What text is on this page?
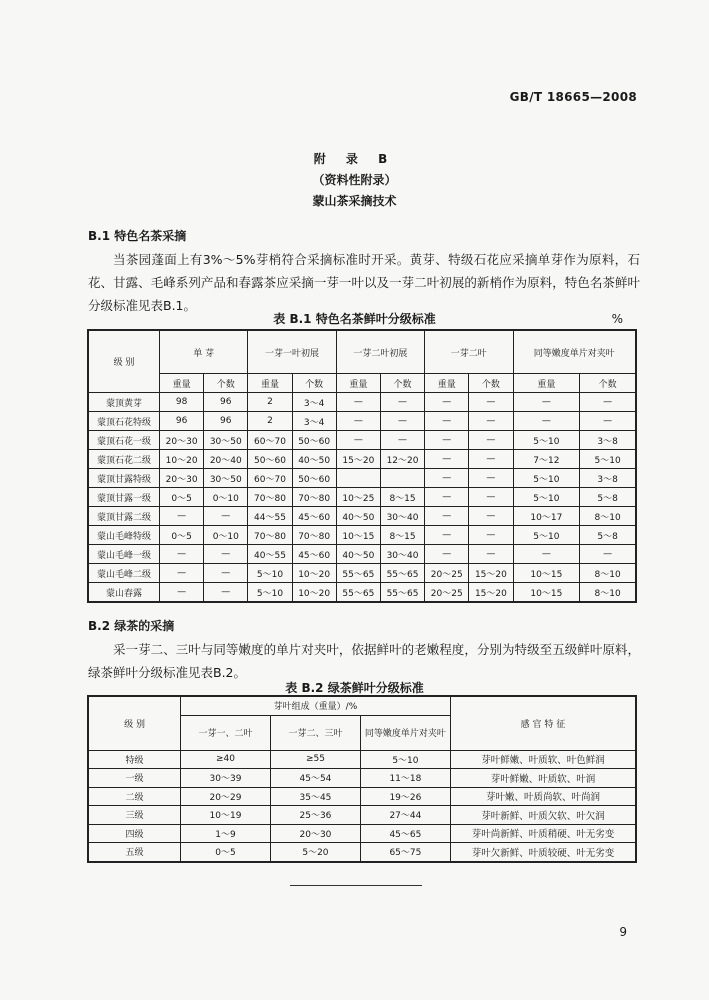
GB/T 18665—2008
附 录 B
（资料性附录）
蒙山茶采摘技术
B.1 特色名茶采摘
当茶园蓬面上有3%～5%芽梢符合采摘标准时开采。黄芽、特级石花应采摘单芽作为原料，石花、甘露、毛峰系列产品和春露茶应采摘一芽一叶以及一芽二叶初展的新梢作为原料，特色名茶鲜叶分级标准见表B.1。
表 B.1 特色名茶鲜叶分级标准	%
级 别	单 芽		一芽一叶初展		一芽二叶初展		一芽二叶		同等嫩度单片对夹叶	
	重量	个数	重量	个数	重量	个数	重量	个数	重量	个数
蒙顶黄芽	98	96	2	3～4	—	—	—	—	—	—
蒙顶石花特级	96	96	2	3～4	—	—	—	—	—	—
蒙顶石花一级	20～30	30～50	60～70	50～60	—	—	—	—	5～10	3～8
蒙顶石花二级	10～20	20～40	50～60	40～50	15～20	12～20	—	—	7～12	5～10
蒙顶甘露特级	20～30	30～50	60～70	50～60			—	—	5～10	3～8
蒙顶甘露一级	0～5	0～10	70～80	70～80	10～25	8～15	—	—	5～10	5～8
蒙顶甘露二级	—	—	44～55	45～60	40～50	30～40	—	—	10～17	8～10
蒙山毛峰特级	0～5	0～10	70～80	70～80	10～15	8～15	—	—	5～10	5～8
蒙山毛峰一级	—	—	40～55	45～60	40～50	30～40	—	—	—	—
蒙山毛峰二级	—	—	5～10	10～20	55～65	55～65	20～25	15～20	10～15	8～10
蒙山春露	—	—	5～10	10～20	55～65	55～65	20～25	15～20	10～15	8～10
B.2 绿茶的采摘
采一芽二、三叶与同等嫩度的单片对夹叶，依据鲜叶的老嫩程度，分别为特级至五级鲜叶原料，绿茶鲜叶分级标准见表B.2。
表 B.2 绿茶鲜叶分级标准
级 别	芽叶组成（重量）/%			感 官 特 征
	一芽一、二叶	一芽二、三叶	同等嫩度单片对夹叶	
特级	≥40	≥55	5～10	芽叶鲜嫩、叶质软、叶色鲜润
一级	30～39	45～54	11～18	芽叶鲜嫩、叶质软、叶润
二级	20～29	35～45	19～26	芽叶嫩、叶质尚软、叶尚润
三级	10～19	25～36	27～44	芽叶新鲜、叶质欠软、叶欠润
四级	1～9	20～30	45～65	芽叶尚新鲜、叶质稍硬、叶无劣变
五级	0～5	5～20	65～75	芽叶欠新鲜、叶质较硬、叶无劣变
9
